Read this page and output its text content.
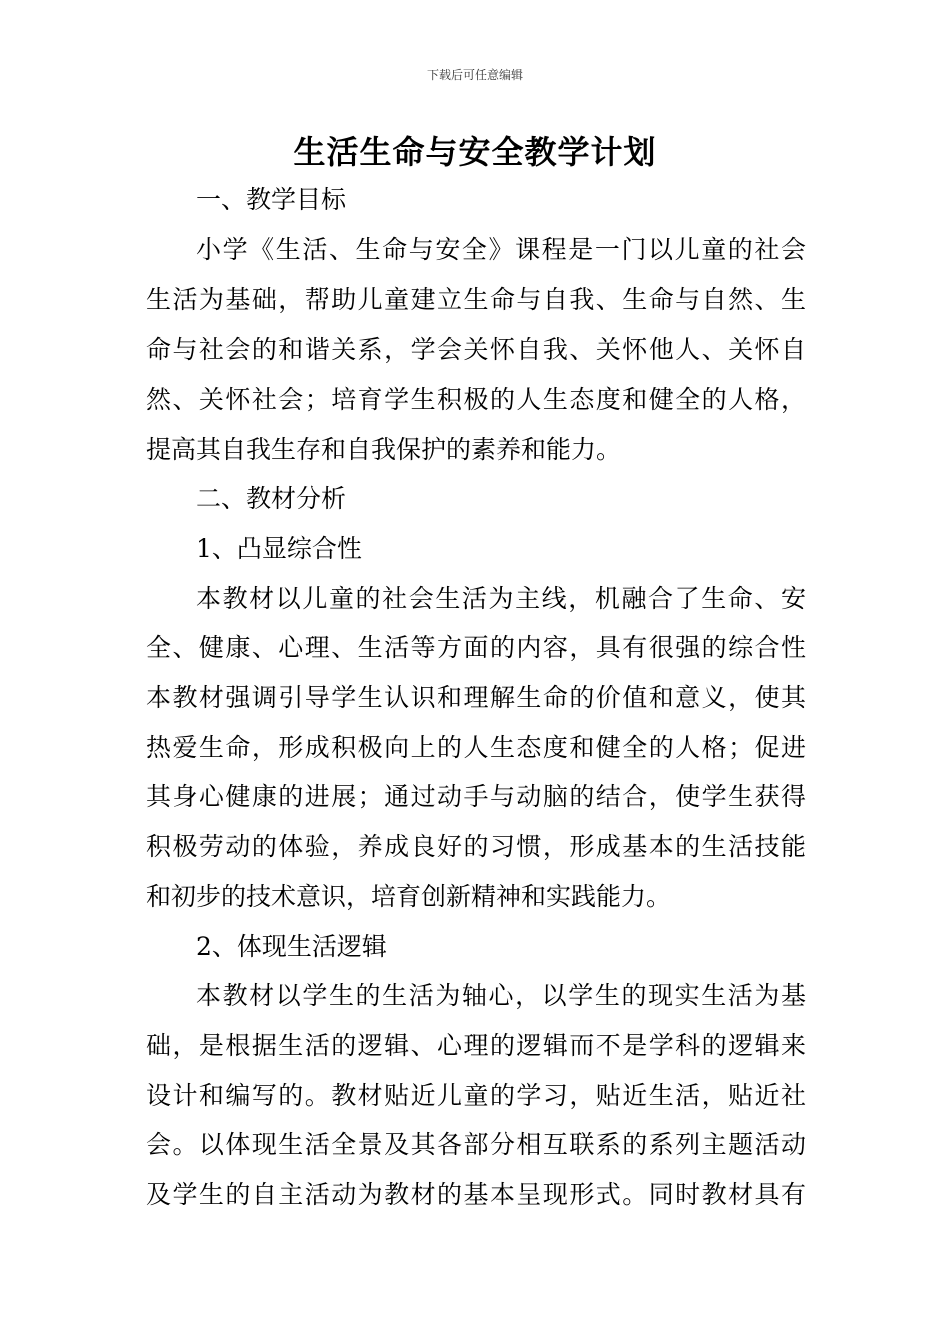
下载后可任意编辑
生活生命与安全教学计划
一、教学目标
小学《生活、生命与安全》课程是一门以儿童的社会
生活为基础，帮助儿童建立生命与自我、生命与自然、生
命与社会的和谐关系，学会关怀自我、关怀他人、关怀自
然、关怀社会；培育学生积极的人生态度和健全的人格，
提高其自我生存和自我保护的素养和能力。
二、教材分析
1、凸显综合性
本教材以儿童的社会生活为主线，机融合了生命、安
全、健康、心理、生活等方面的内容，具有很强的综合性
本教材强调引导学生认识和理解生命的价值和意义，使其
热爱生命，形成积极向上的人生态度和健全的人格；促进
其身心健康的进展；通过动手与动脑的结合，使学生获得
积极劳动的体验，养成良好的习惯，形成基本的生活技能
和初步的技术意识，培育创新精神和实践能力。
2、体现生活逻辑
本教材以学生的生活为轴心，以学生的现实生活为基
础，是根据生活的逻辑、心理的逻辑而不是学科的逻辑来
设计和编写的。教材贴近儿童的学习，贴近生活，贴近社
会。以体现生活全景及其各部分相互联系的系列主题活动
及学生的自主活动为教材的基本呈现形式。同时教材具有
